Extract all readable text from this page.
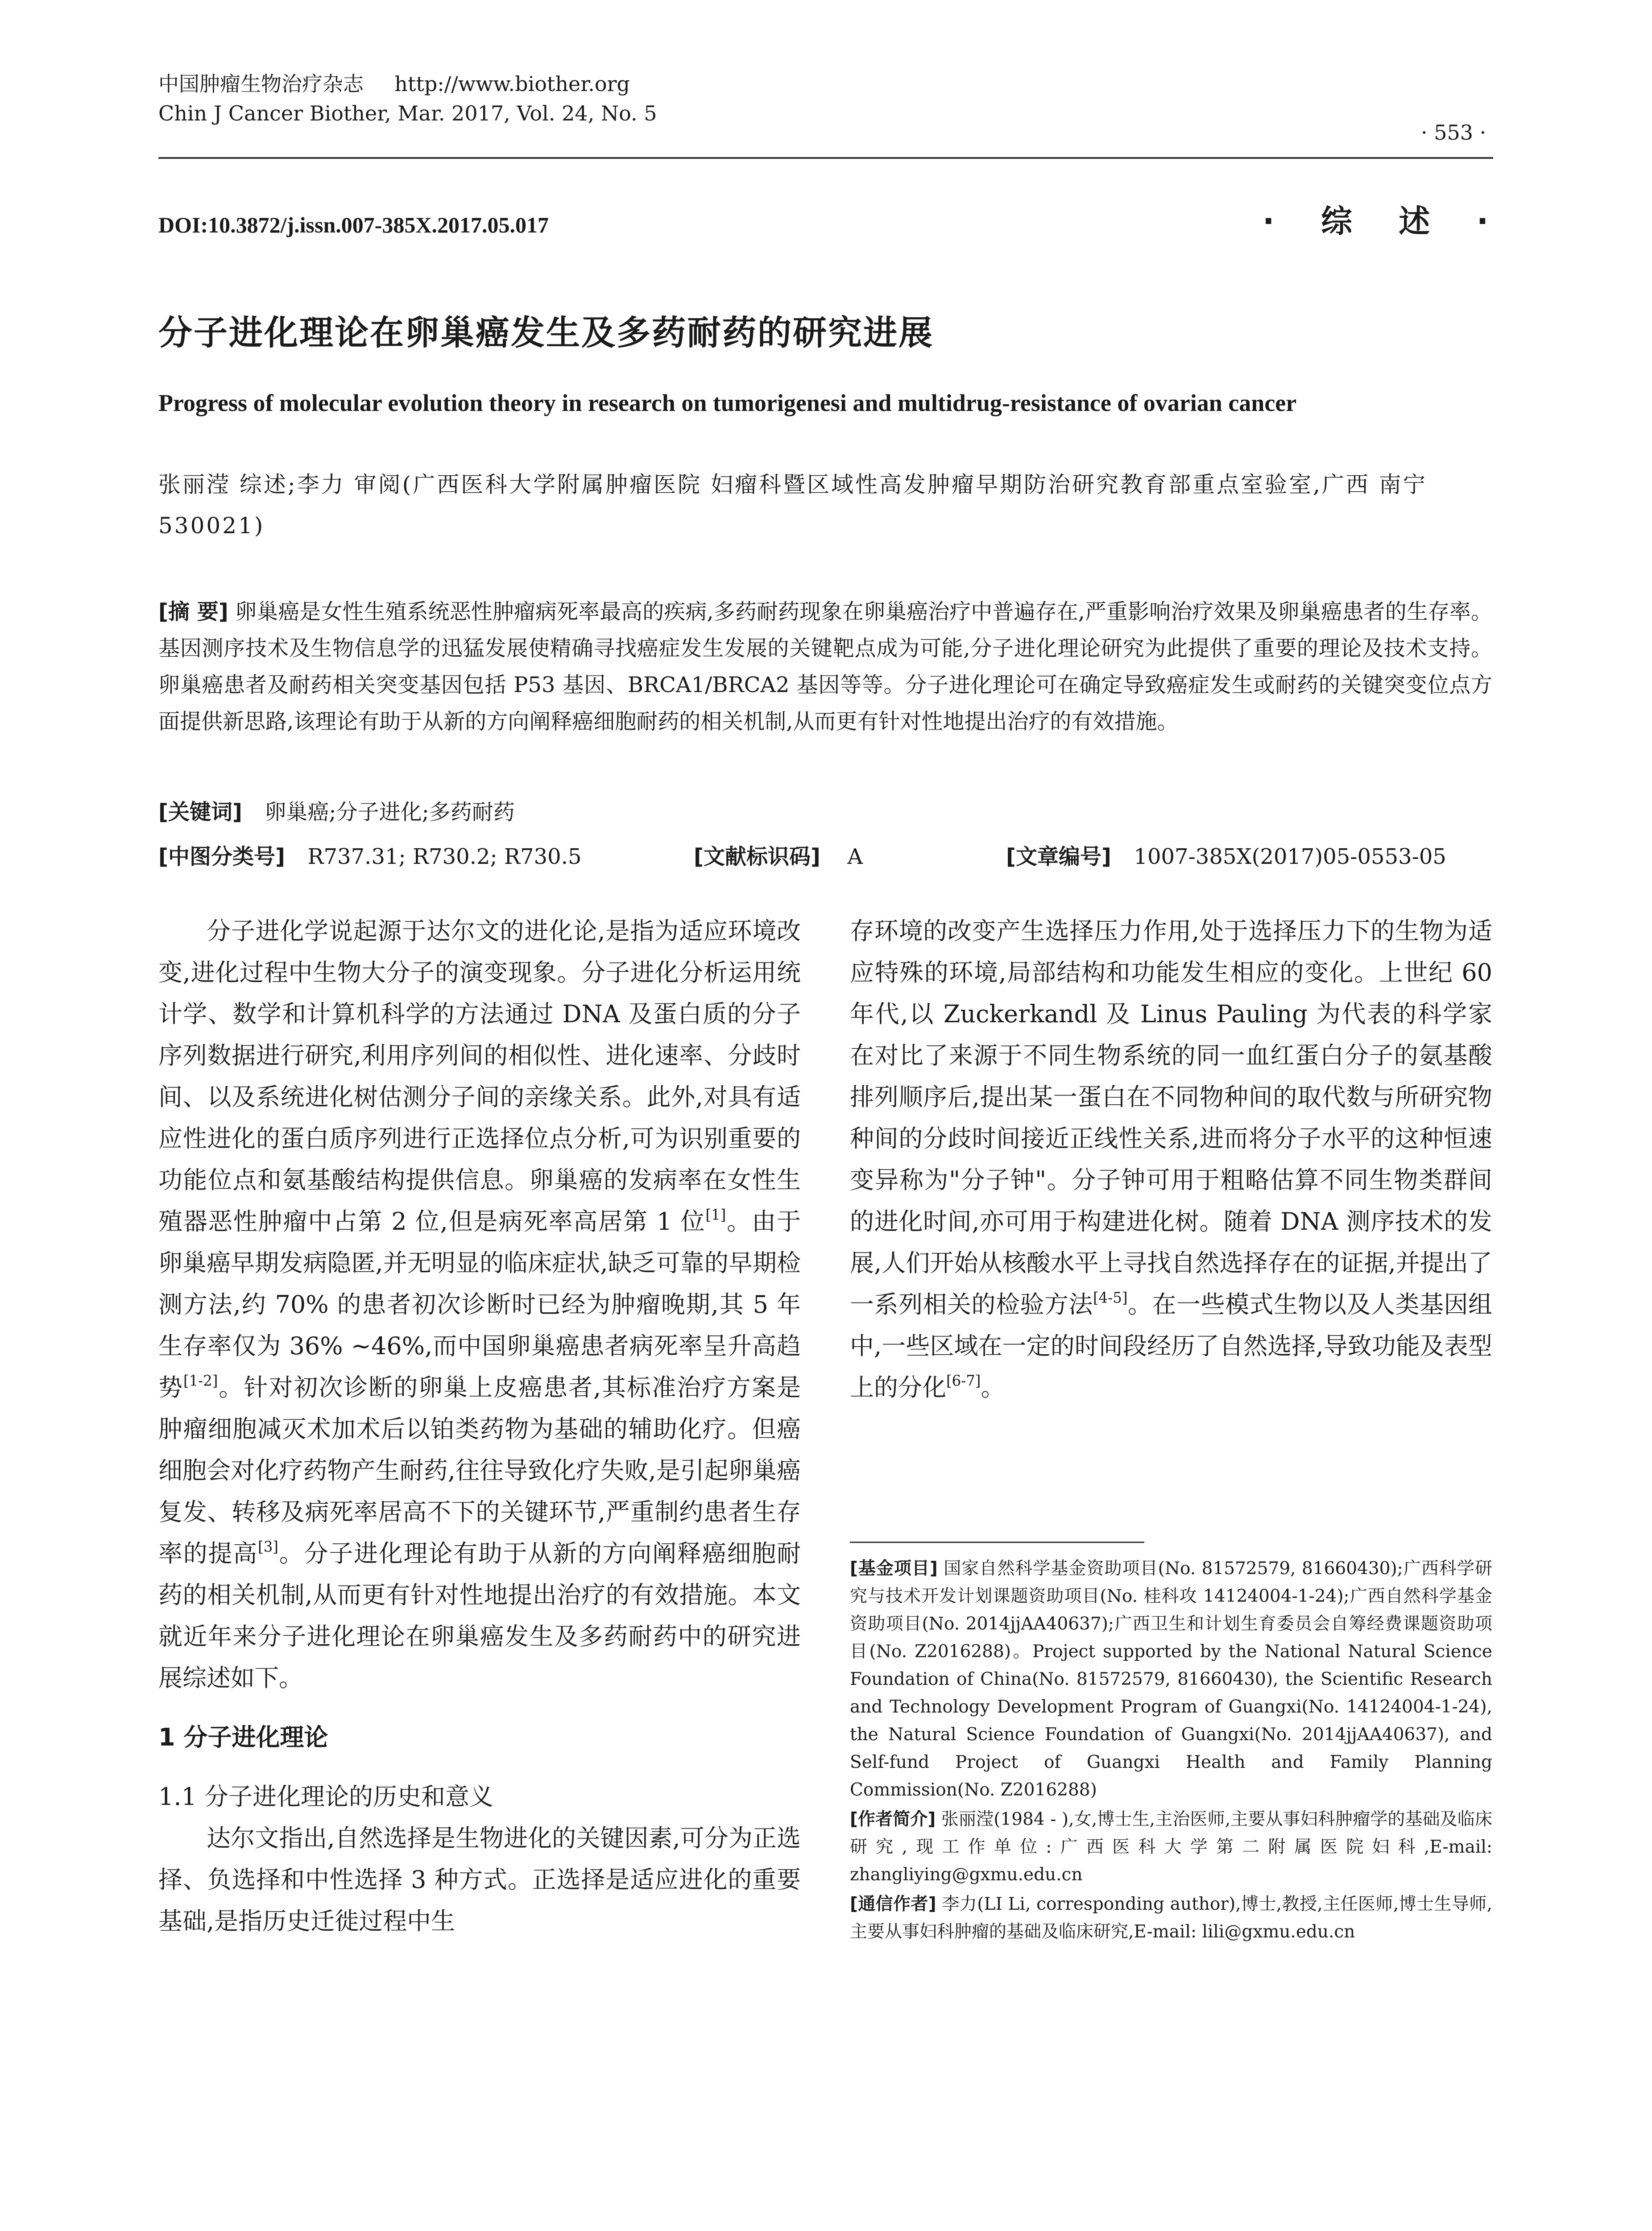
中国肿瘤生物治疗杂志 http://www.biother.org
Chin J Cancer Biother, Mar. 2017, Vol. 24, No. 5
· 553 ·
DOI:10.3872/j.issn.007-385X.2017.05.017	· 综 述 ·
分子进化理论在卵巢癌发生及多药耐药的研究进展
Progress of molecular evolution theory in research on tumorigenesi and multidrug-resistance of ovarian cancer
张丽滢 综述;李力 审阅(广西医科大学附属肿瘤医院 妇瘤科暨区域性高发肿瘤早期防治研究教育部重点室验室,广西 南宁 530021)
[摘 要] 卵巢癌是女性生殖系统恶性肿瘤病死率最高的疾病,多药耐药现象在卵巢癌治疗中普遍存在,严重影响治疗效果及卵巢癌患者的生存率。基因测序技术及生物信息学的迅猛发展使精确寻找癌症发生发展的关键靶点成为可能,分子进化理论研究为此提供了重要的理论及技术支持。卵巢癌患者及耐药相关突变基因包括 P53 基因、BRCA1/BRCA2 基因等等。分子进化理论可在确定导致癌症发生或耐药的关键突变位点方面提供新思路,该理论有助于从新的方向阐释癌细胞耐药的相关机制,从而更有针对性地提出治疗的有效措施。
[关键词] 卵巢癌;分子进化;多药耐药
[中图分类号] R737.31; R730.2; R730.5	[文献标识码] A	[文章编号] 1007-385X(2017)05-0553-05

分子进化学说起源于达尔文的进化论,是指为适应环境改变,进化过程中生物大分子的演变现象。分子进化分析运用统计学、数学和计算机科学的方法通过 DNA 及蛋白质的分子序列数据进行研究,利用序列间的相似性、进化速率、分歧时间、以及系统进化树估测分子间的亲缘关系。此外,对具有适应性进化的蛋白质序列进行正选择位点分析,可为识别重要的功能位点和氨基酸结构提供信息。卵巢癌的发病率在女性生殖器恶性肿瘤中占第 2 位,但是病死率高居第 1 位[1]。由于卵巢癌早期发病隐匿,并无明显的临床症状,缺乏可靠的早期检测方法,约 70% 的患者初次诊断时已经为肿瘤晚期,其 5 年生存率仅为 36% ~46%,而中国卵巢癌患者病死率呈升高趋势[1-2]。针对初次诊断的卵巢上皮癌患者,其标准治疗方案是肿瘤细胞减灭术加术后以铂类药物为基础的辅助化疗。但癌细胞会对化疗药物产生耐药,往往导致化疗失败,是引起卵巢癌复发、转移及病死率居高不下的关键环节,严重制约患者生存率的提高[3]。分子进化理论有助于从新的方向阐释癌细胞耐药的相关机制,从而更有针对性地提出治疗的有效措施。本文就近年来分子进化理论在卵巢癌发生及多药耐药中的研究进展综述如下。

1 分子进化理论
1.1 分子进化理论的历史和意义

达尔文指出,自然选择是生物进化的关键因素,可分为正选择、负选择和中性选择 3 种方式。正选择是适应进化的重要基础,是指历史迁徙过程中生

存环境的改变产生选择压力作用,处于选择压力下的生物为适应特殊的环境,局部结构和功能发生相应的变化。上世纪 60 年代,以 Zuckerkandl 及 Linus Pauling 为代表的科学家在对比了来源于不同生物系统的同一血红蛋白分子的氨基酸排列顺序后,提出某一蛋白在不同物种间的取代数与所研究物种间的分歧时间接近正线性关系,进而将分子水平的这种恒速变异称为"分子钟"。分子钟可用于粗略估算不同生物类群间的进化时间,亦可用于构建进化树。随着 DNA 测序技术的发展,人们开始从核酸水平上寻找自然选择存在的证据,并提出了一系列相关的检验方法[4-5]。在一些模式生物以及人类基因组中,一些区域在一定的时间段经历了自然选择,导致功能及表型上的分化[6-7]。

[基金项目] 国家自然科学基金资助项目(No. 81572579, 81660430);广西科学研究与技术开发计划课题资助项目(No. 桂科攻 14124004-1-24);广西自然科学基金资助项目(No. 2014jjAA40637);广西卫生和计划生育委员会自筹经费课题资助项目(No. Z2016288)。Project supported by the National Natural Science Foundation of China(No. 81572579, 81660430), the Scientific Research and Technology Development Program of Guangxi(No. 14124004-1-24), the Natural Science Foundation of Guangxi(No. 2014jjAA40637), and Self-fund Project of Guangxi Health and Family Planning Commission(No. Z2016288)

[作者简介] 张丽滢(1984 - ),女,博士生,主治医师,主要从事妇科肿瘤学的基础及临床研究,现工作单位:广西医科大学第二附属医院妇科,E-mail: zhangliying@gxmu.edu.cn

[通信作者] 李力(LI Li, corresponding author),博士,教授,主任医师,博士生导师,主要从事妇科肿瘤的基础及临床研究,E-mail: lili@gxmu.edu.cn
